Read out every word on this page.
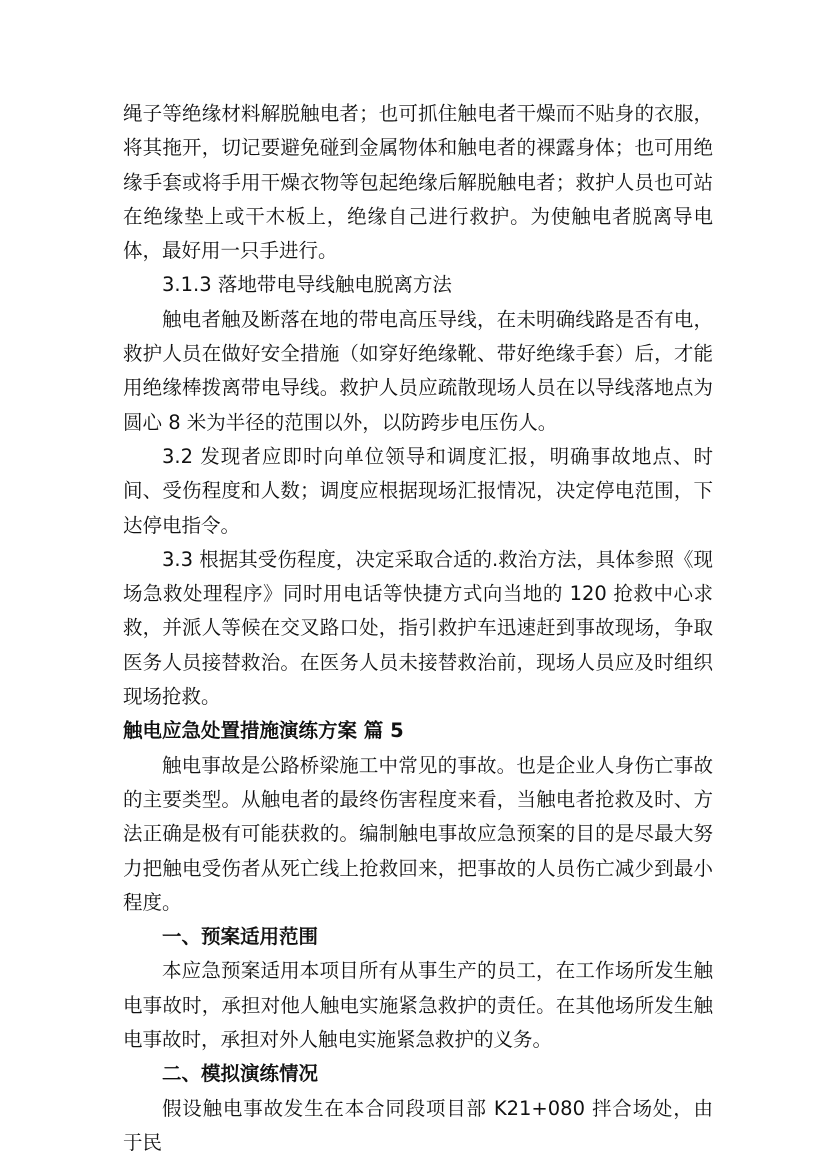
绳子等绝缘材料解脱触电者；也可抓住触电者干燥而不贴身的衣服，将其拖开，切记要避免碰到金属物体和触电者的裸露身体；也可用绝缘手套或将手用干燥衣物等包起绝缘后解脱触电者；救护人员也可站在绝缘垫上或干木板上，绝缘自己进行救护。为使触电者脱离导电体，最好用一只手进行。

3.1.3 落地带电导线触电脱离方法

触电者触及断落在地的带电高压导线，在未明确线路是否有电，救护人员在做好安全措施（如穿好绝缘靴、带好绝缘手套）后，才能用绝缘棒拨离带电导线。救护人员应疏散现场人员在以导线落地点为圆心 8 米为半径的范围以外，以防跨步电压伤人。

3.2 发现者应即时向单位领导和调度汇报，明确事故地点、时间、受伤程度和人数；调度应根据现场汇报情况，决定停电范围，下达停电指令。

3.3 根据其受伤程度，决定采取合适的.救治方法，具体参照《现场急救处理程序》同时用电话等快捷方式向当地的 120 抢救中心求救，并派人等候在交叉路口处，指引救护车迅速赶到事故现场，争取医务人员接替救治。在医务人员未接替救治前，现场人员应及时组织现场抢救。

触电应急处置措施演练方案 篇 5

触电事故是公路桥梁施工中常见的事故。也是企业人身伤亡事故的主要类型。从触电者的最终伤害程度来看，当触电者抢救及时、方法正确是极有可能获救的。编制触电事故应急预案的目的是尽最大努力把触电受伤者从死亡线上抢救回来，把事故的人员伤亡减少到最小程度。

一、预案适用范围

本应急预案适用本项目所有从事生产的员工，在工作场所发生触电事故时，承担对他人触电实施紧急救护的责任。在其他场所发生触电事故时，承担对外人触电实施紧急救护的义务。

二、模拟演练情况

假设触电事故发生在本合同段项目部 K21+080 拌合场处，由于民
